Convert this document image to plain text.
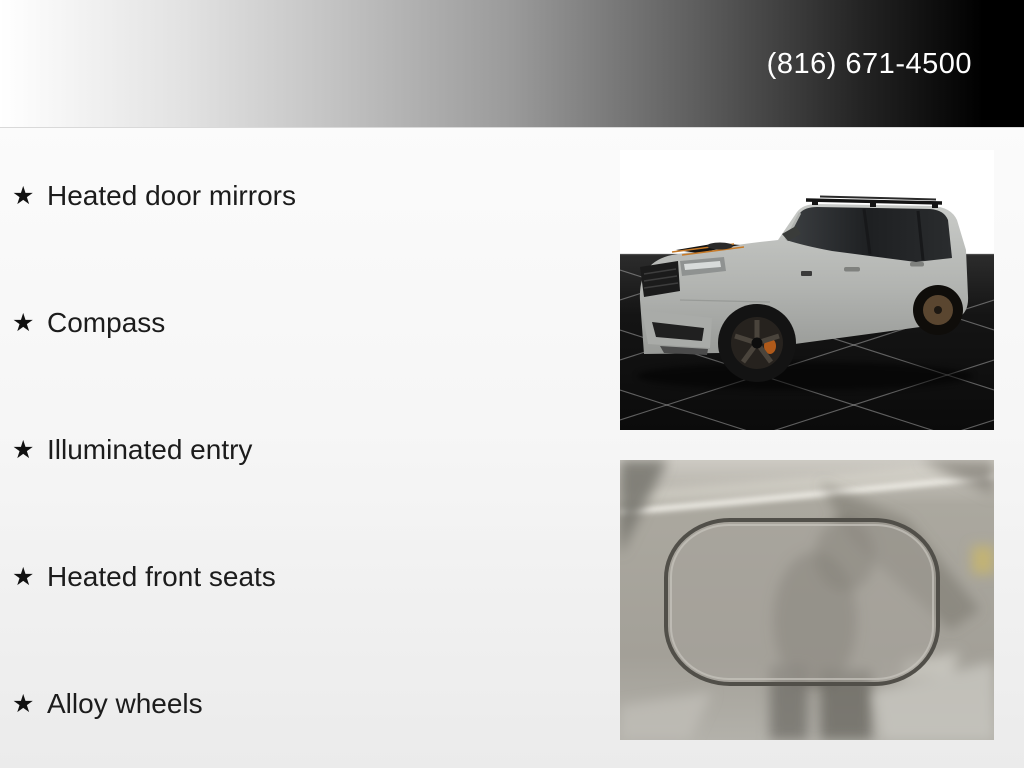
(816) 671-4500
★ Heated door mirrors
★ Compass
★ Illuminated entry
★ Heated front seats
★ Alloy wheels
